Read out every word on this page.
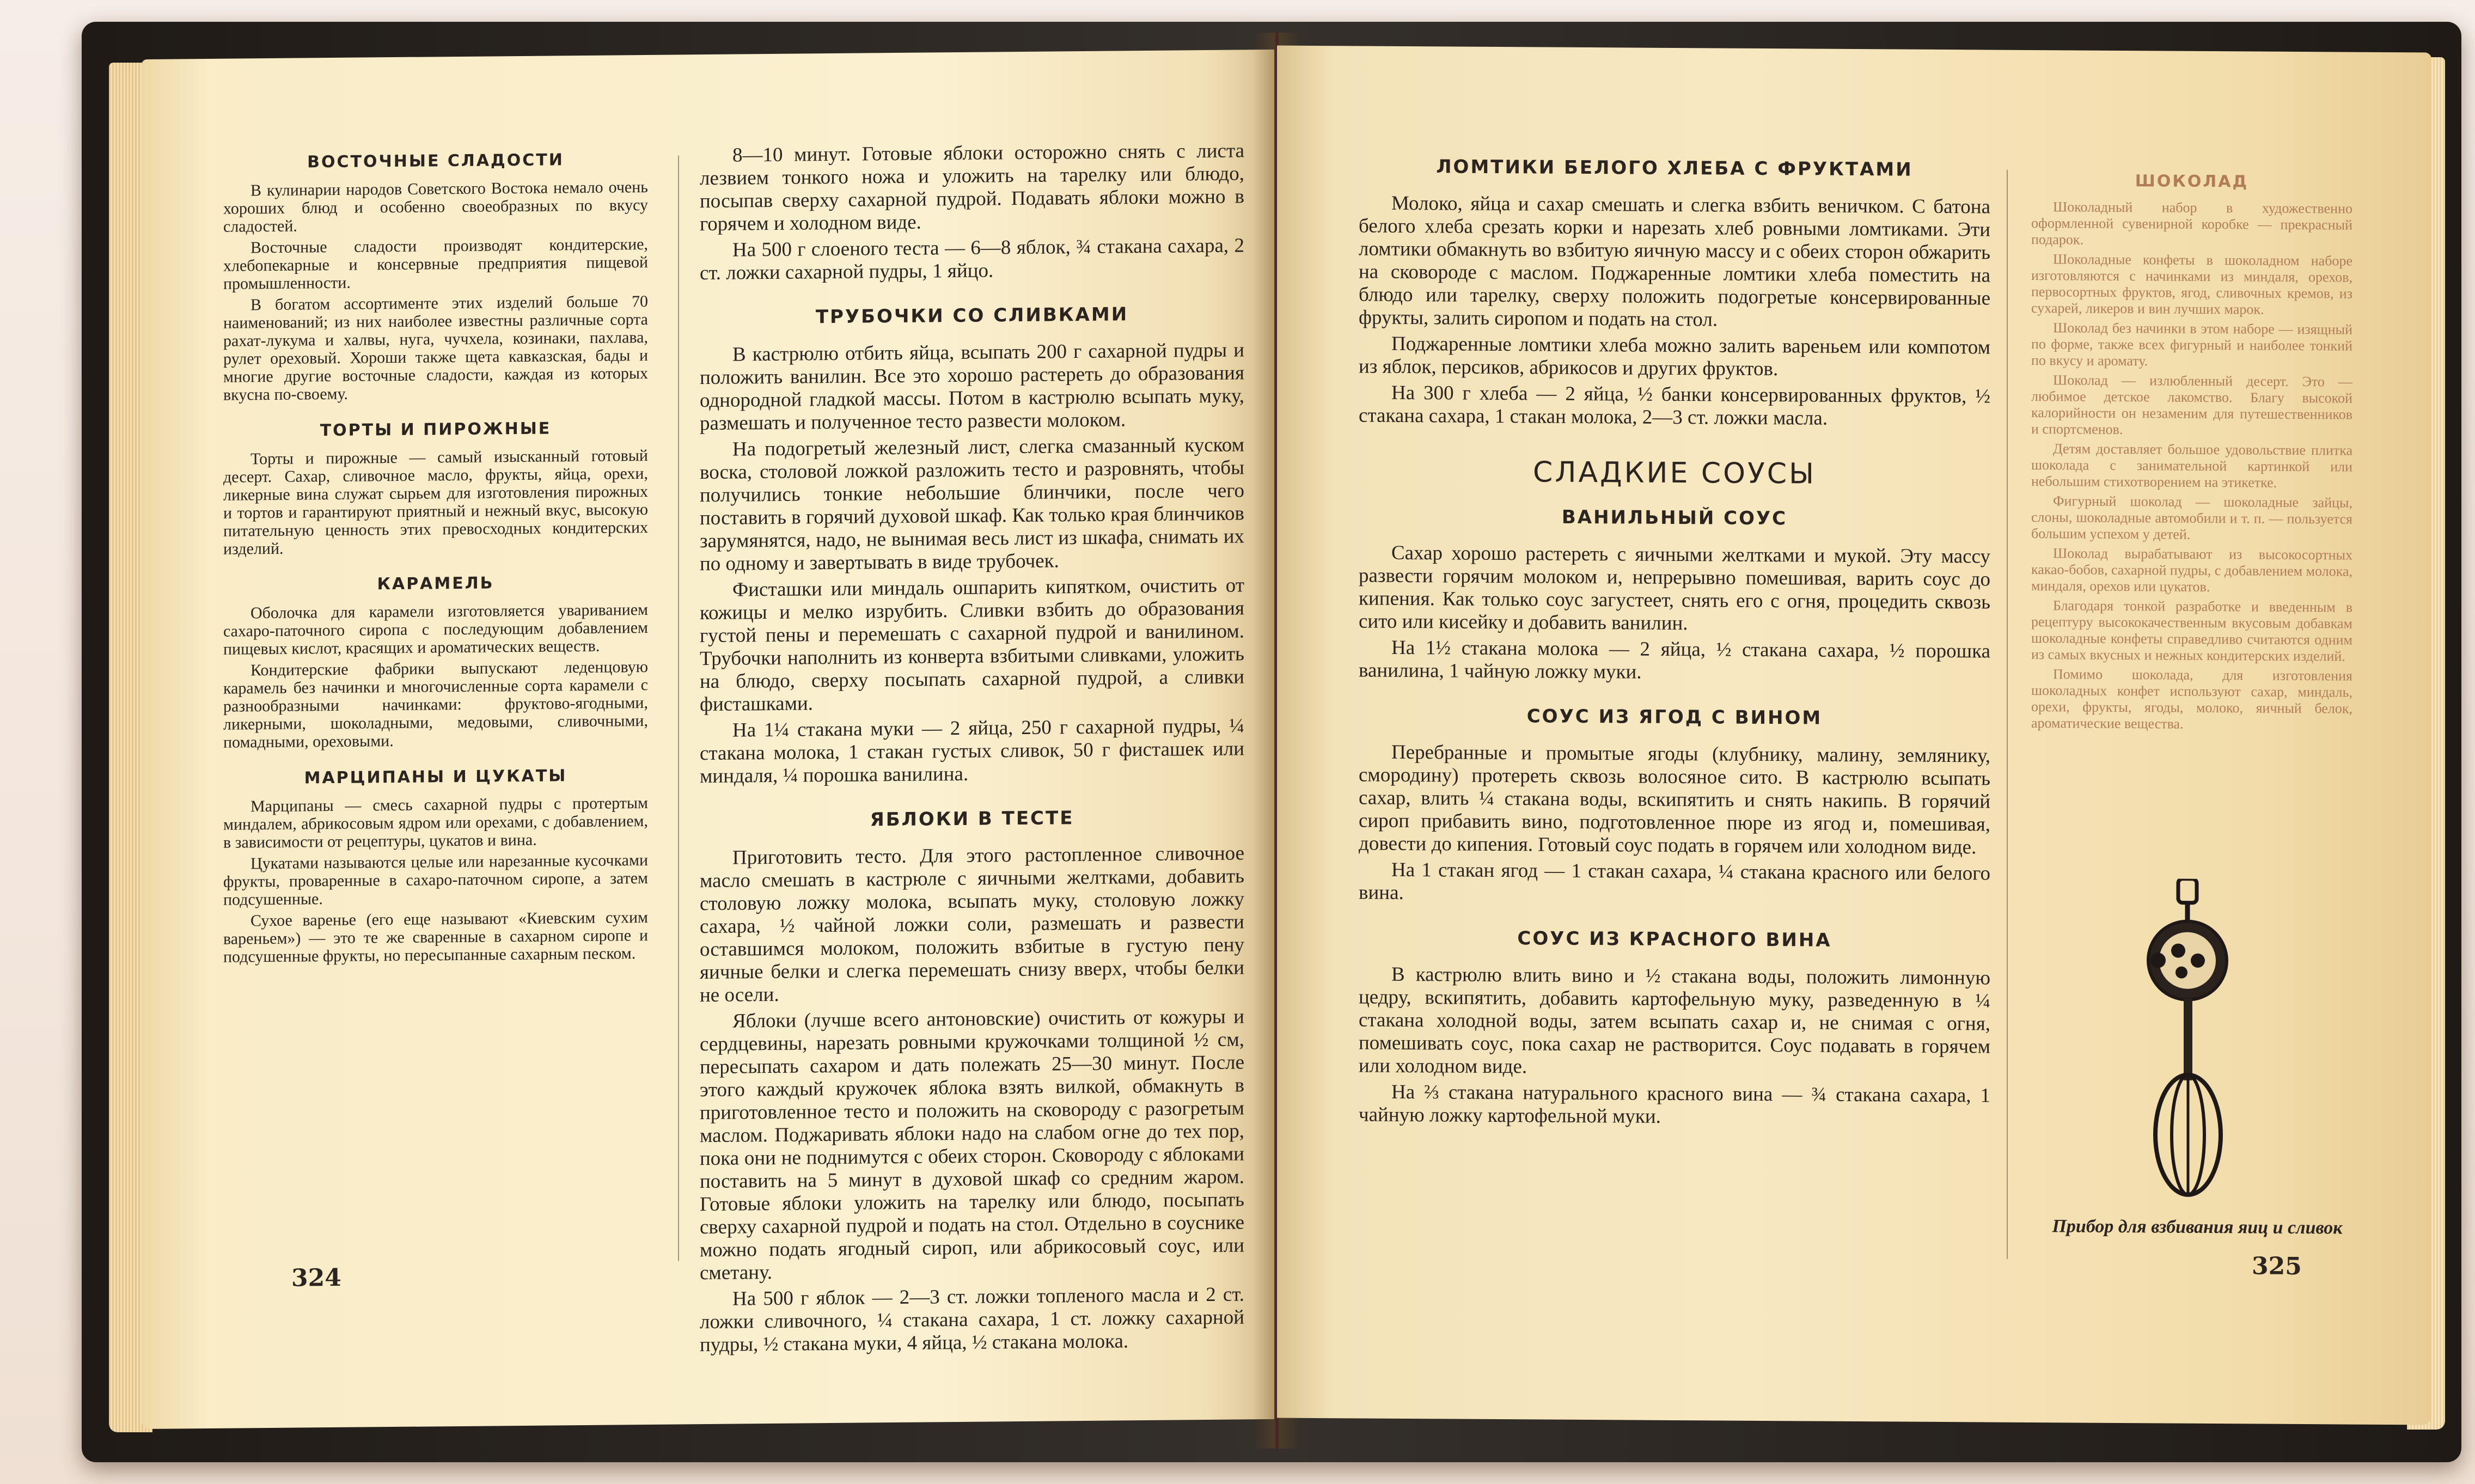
ВОСТОЧНЫЕ СЛАДОСТИ

В кулинарии народов Советского Востока немало очень хороших блюд и особенно своеобразных по вкусу сладостей.

Восточные сладости производят кондитерские, хлебопекарные и консервные предприятия пищевой промышленности.

В богатом ассортименте этих изделий больше 70 наименований; из них наиболее известны различные сорта рахат-лукума и халвы, нуга, чучхела, козинаки, пахлава, рулет ореховый. Хороши также щета кавказская, бады и многие другие восточные сладости, каждая из которых вкусна по-своему.

ТОРТЫ И ПИРОЖНЫЕ

Торты и пирожные — самый изысканный готовый десерт. Сахар, сливочное масло, фрукты, яйца, орехи, ликерные вина служат сырьем для изготовления пирожных и тортов и гарантируют приятный и нежный вкус, высокую питательную ценность этих превосходных кондитерских изделий.

КАРАМЕЛЬ

Оболочка для карамели изготовляется увариванием сахаро-паточного сиропа с последующим добавлением пищевых кислот, красящих и ароматических веществ.

Кондитерские фабрики выпускают леденцовую карамель без начинки и многочисленные сорта карамели с разнообразными начинками: фруктово-ягодными, ликерными, шоколадными, медовыми, сливочными, помадными, ореховыми.

МАРЦИПАНЫ И ЦУКАТЫ

Марципаны — смесь сахарной пудры с протертым миндалем, абрикосовым ядром или орехами, с добавлением, в зависимости от рецептуры, цукатов и вина.

Цукатами называются целые или нарезанные кусочками фрукты, проваренные в сахаро-паточном сиропе, а затем подсушенные.

Сухое варенье (его еще называют «Киевским сухим вареньем») — это те же сваренные в сахарном сиропе и подсушенные фрукты, но пересыпанные сахарным песком.

8—10 минут. Готовые яблоки осторожно снять с листа лезвием тонкого ножа и уложить на тарелку или блюдо, посыпав сверху сахарной пудрой. Подавать яблоки можно в горячем и холодном виде.

На 500 г слоеного теста — 6—8 яблок, ¾ стакана сахара, 2 ст. ложки сахарной пудры, 1 яйцо.

ТРУБОЧКИ СО СЛИВКАМИ

В кастрюлю отбить яйца, всыпать 200 г сахарной пудры и положить ванилин. Все это хорошо растереть до образования однородной гладкой массы. Потом в кастрюлю всыпать муку, размешать и полученное тесто развести молоком.

На подогретый железный лист, слегка смазанный куском воска, столовой ложкой разложить тесто и разровнять, чтобы получились тонкие небольшие блинчики, после чего поставить в горячий духовой шкаф. Как только края блинчиков зарумянятся, надо, не вынимая весь лист из шкафа, снимать их по одному и завертывать в виде трубочек.

Фисташки или миндаль ошпарить кипятком, очистить от кожицы и мелко изрубить. Сливки взбить до образования густой пены и перемешать с сахарной пудрой и ванилином. Трубочки наполнить из конверта взбитыми сливками, уложить на блюдо, сверху посыпать сахарной пудрой, а сливки фисташками.

На 1¼ стакана муки — 2 яйца, 250 г сахарной пудры, ¼ стакана молока, 1 стакан густых сливок, 50 г фисташек или миндаля, ¼ порошка ванилина.

ЯБЛОКИ В ТЕСТЕ

Приготовить тесто. Для этого растопленное сливочное масло смешать в кастрюле с яичными желтками, добавить столовую ложку молока, всыпать муку, столовую ложку сахара, ½ чайной ложки соли, размешать и развести оставшимся молоком, положить взбитые в густую пену яичные белки и слегка перемешать снизу вверх, чтобы белки не осели.

Яблоки (лучше всего антоновские) очистить от кожуры и сердцевины, нарезать ровными кружочками толщиной ½ см, пересыпать сахаром и дать полежать 25—30 минут. После этого каждый кружочек яблока взять вилкой, обмакнуть в приготовленное тесто и положить на сковороду с разогретым маслом. Поджаривать яблоки надо на слабом огне до тех пор, пока они не поднимутся с обеих сторон. Сковороду с яблоками поставить на 5 минут в духовой шкаф со средним жаром. Готовые яблоки уложить на тарелку или блюдо, посыпать сверху сахарной пудрой и подать на стол. Отдельно в соуснике можно подать ягодный сироп, или абрикосовый соус, или сметану.

На 500 г яблок — 2—3 ст. ложки топленого масла и 2 ст. ложки сливочного, ¼ стакана сахара, 1 ст. ложку сахарной пудры, ½ стакана муки, 4 яйца, ½ стакана молока.

324
ЛОМТИКИ БЕЛОГО ХЛЕБА С ФРУКТАМИ

Молоко, яйца и сахар смешать и слегка взбить веничком. С батона белого хлеба срезать корки и нарезать хлеб ровными ломтиками. Эти ломтики обмакнуть во взбитую яичную массу и с обеих сторон обжарить на сковороде с маслом. Поджаренные ломтики хлеба поместить на блюдо или тарелку, сверху положить подогретые консервированные фрукты, залить сиропом и подать на стол.

Поджаренные ломтики хлеба можно залить вареньем или компотом из яблок, персиков, абрикосов и других фруктов.

На 300 г хлеба — 2 яйца, ½ банки консервированных фруктов, ½ стакана сахара, 1 стакан молока, 2—3 ст. ложки масла.

СЛАДКИЕ СОУСЫ
ВАНИЛЬНЫЙ СОУС

Сахар хорошо растереть с яичными желтками и мукой. Эту массу развести горячим молоком и, непрерывно помешивая, варить соус до кипения. Как только соус загустеет, снять его с огня, процедить сквозь сито или кисейку и добавить ванилин.

На 1½ стакана молока — 2 яйца, ½ стакана сахара, ½ порошка ванилина, 1 чайную ложку муки.

СОУС ИЗ ЯГОД С ВИНОМ

Перебранные и промытые ягоды (клубнику, малину, землянику, смородину) протереть сквозь волосяное сито. В кастрюлю всыпать сахар, влить ¼ стакана воды, вскипятить и снять накипь. В горячий сироп прибавить вино, подготовленное пюре из ягод и, помешивая, довести до кипения. Готовый соус подать в горячем или холодном виде.

На 1 стакан ягод — 1 стакан сахара, ¼ стакана красного или белого вина.

СОУС ИЗ КРАСНОГО ВИНА

В кастрюлю влить вино и ½ стакана воды, положить лимонную цедру, вскипятить, добавить картофельную муку, разведенную в ¼ стакана холодной воды, затем всыпать сахар и, не снимая с огня, помешивать соус, пока сахар не растворится. Соус подавать в горячем или холодном виде.

На ⅔ стакана натурального красного вина — ¾ стакана сахара, 1 чайную ложку картофельной муки.

ШОКОЛАД

Шоколадный набор в художественно оформленной сувенирной коробке — прекрасный подарок.

Шоколадные конфеты в шоколадном наборе изготовляются с начинками из миндаля, орехов, первосортных фруктов, ягод, сливочных кремов, из сухарей, ликеров и вин лучших марок.

Шоколад без начинки в этом наборе — изящный по форме, также всех фигурный и наиболее тонкий по вкусу и аромату.

Шоколад — излюбленный десерт. Это — любимое детское лакомство. Благу высокой калорийности он незаменим для путешественников и спортсменов.

Детям доставляет большое удовольствие плитка шоколада с занимательной картинкой или небольшим стихотворением на этикетке.

Фигурный шоколад — шоколадные зайцы, слоны, шоколадные автомобили и т. п. — пользуется большим успехом у детей.

Шоколад вырабатывают из высокосортных какао-бобов, сахарной пудры, с добавлением молока, миндаля, орехов или цукатов.

Благодаря тонкой разработке и введенным в рецептуру высококачественным вкусовым добавкам шоколадные конфеты справедливо считаются одним из самых вкусных и нежных кондитерских изделий.

Помимо шоколада, для изготовления шоколадных конфет используют сахар, миндаль, орехи, фрукты, ягоды, молоко, яичный белок, ароматические вещества.

Прибор для взбивания яиц и сливок
325
